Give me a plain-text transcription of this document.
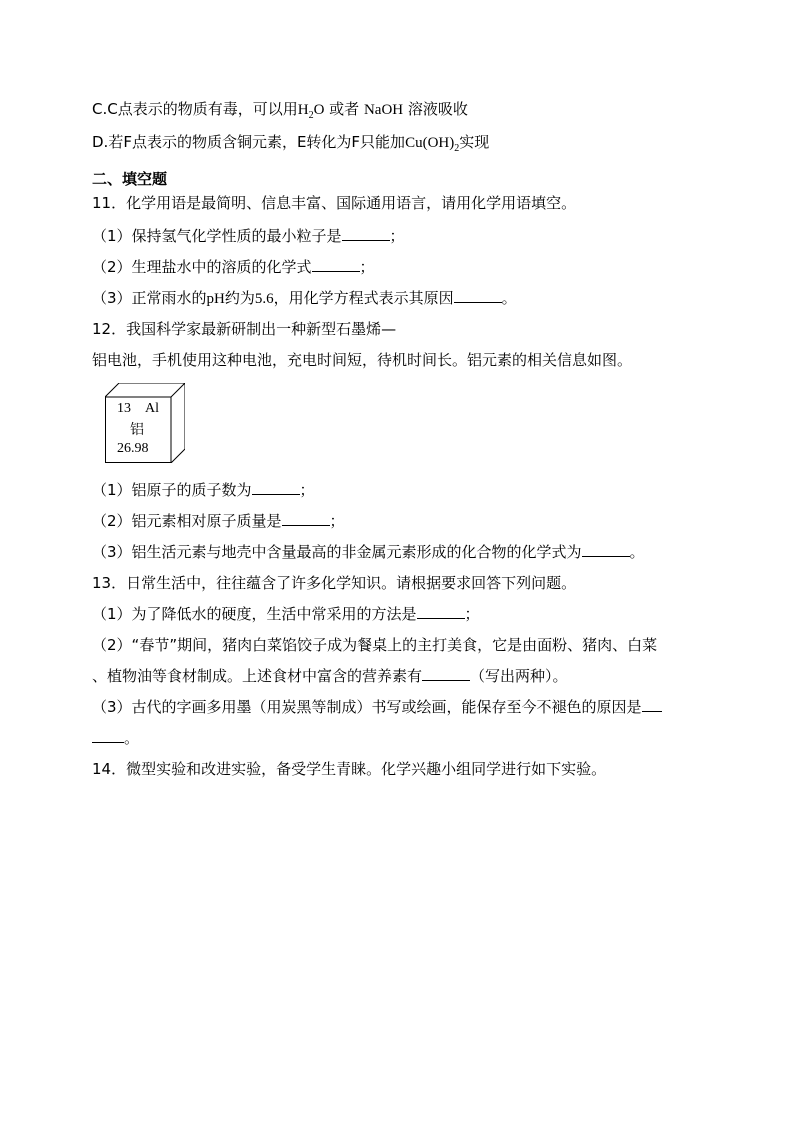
C.C点表示的物质有毒，可以用$H_2O$ 或者 NaOH 溶液吸收
D.若F点表示的物质含铜元素，E转化为F只能加$Cu(OH)_2$实现
二、填空题
11．化学用语是最简明、信息丰富、国际通用语言，请用化学用语填空。
（1）保持氢气化学性质的最小粒子是	；
（2）生理盐水中的溶质的化学式	；
（3）正常雨水的pH约为5.6，用化学方程式表示其原因	。
12．我国科学家最新研制出一种新型石墨烯—
铝电池，手机使用这种电池，充电时间短，待机时间长。铝元素的相关信息如图。
13 Al
铝
26.98
（1）铝原子的质子数为	；
（2）铝元素相对原子质量是	；
（3）铝生活元素与地壳中含量最高的非金属元素形成的化合物的化学式为	。
13．日常生活中，往往蕴含了许多化学知识。请根据要求回答下列问题。
（1）为了降低水的硬度，生活中常采用的方法是	；
（2）“春节”期间，猪肉白菜馅饺子成为餐桌上的主打美食，它是由面粉、猪肉、白菜
、植物油等食材制成。上述食材中富含的营养素有	（写出两种）。
（3）古代的字画多用墨（用炭黑等制成）书写或绘画，能保存至今不褪色的原因是
。
14．微型实验和改进实验，备受学生青睐。化学兴趣小组同学进行如下实验。
